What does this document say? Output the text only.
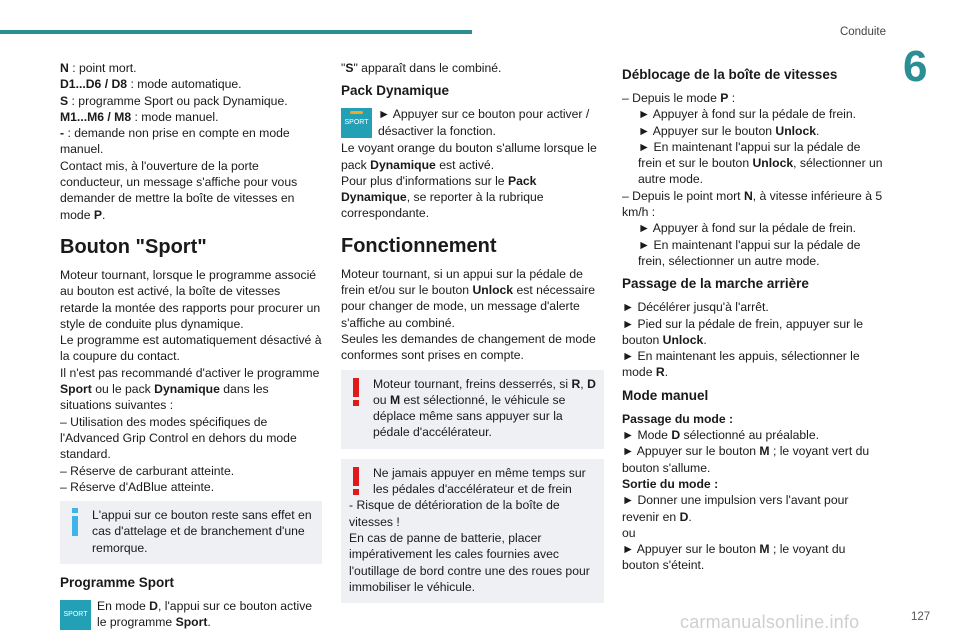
Conduite
6

N : point mort.

D1...D6 / D8 : mode automatique.

S : programme Sport ou pack Dynamique.

M1...M6 / M8 : mode manuel.

- : demande non prise en compte en mode manuel.

Contact mis, à l'ouverture de la porte conducteur, un message s'affiche pour vous demander de mettre la boîte de vitesses en mode P.

Bouton "Sport"

Moteur tournant, lorsque le programme associé au bouton est activé, la boîte de vitesses retarde la montée des rapports pour procurer un style de conduite plus dynamique.

Le programme est automatiquement désactivé à la coupure du contact.

Il n'est pas recommandé d'activer le programme Sport ou le pack Dynamique dans les situations suivantes :

– Utilisation des modes spécifiques de l'Advanced Grip Control en dehors du mode standard.

– Réserve de carburant atteinte.

– Réserve d'AdBlue atteinte.

L'appui sur ce bouton reste sans effet en cas d'attelage et de branchement d'une remorque.

Programme Sport
SPORT

En mode D, l'appui sur ce bouton active le programme Sport.

"S" apparaît dans le combiné.

Pack Dynamique
SPORT

► Appuyer sur ce bouton pour activer / désactiver la fonction.

Le voyant orange du bouton s'allume lorsque le pack Dynamique est activé.

Pour plus d'informations sur le Pack Dynamique, se reporter à la rubrique correspondante.

Fonctionnement

Moteur tournant, si un appui sur la pédale de frein et/ou sur le bouton Unlock est nécessaire pour changer de mode, un message d'alerte s'affiche au combiné.

Seules les demandes de changement de mode conformes sont prises en compte.

Moteur tournant, freins desserrés, si R, D ou M est sélectionné, le véhicule se déplace même sans appuyer sur la pédale d'accélérateur.

Ne jamais appuyer en même temps sur les pédales d'accélérateur et de frein

- Risque de détérioration de la boîte de vitesses !

En cas de panne de batterie, placer impérativement les cales fournies avec l'outillage de bord contre une des roues pour immobiliser le véhicule.

Déblocage de la boîte de vitesses

– Depuis le mode P :

► Appuyer à fond sur la pédale de frein.

► Appuyer sur le bouton Unlock.

► En maintenant l'appui sur la pédale de frein et sur le bouton Unlock, sélectionner un autre mode.

– Depuis le point mort N, à vitesse inférieure à 5 km/h :

► Appuyer à fond sur la pédale de frein.

► En maintenant l'appui sur la pédale de frein, sélectionner un autre mode.

Passage de la marche arrière

► Décélérer jusqu'à l'arrêt.

► Pied sur la pédale de frein, appuyer sur le bouton Unlock.

► En maintenant les appuis, sélectionner le mode R.

Mode manuel

Passage du mode :

► Mode D sélectionné au préalable.

► Appuyer sur le bouton M ; le voyant vert du bouton s'allume.

Sortie du mode :

► Donner une impulsion vers l'avant pour revenir en D.

ou

► Appuyer sur le bouton M ; le voyant du bouton s'éteint.

carmanualsonline.info	127
